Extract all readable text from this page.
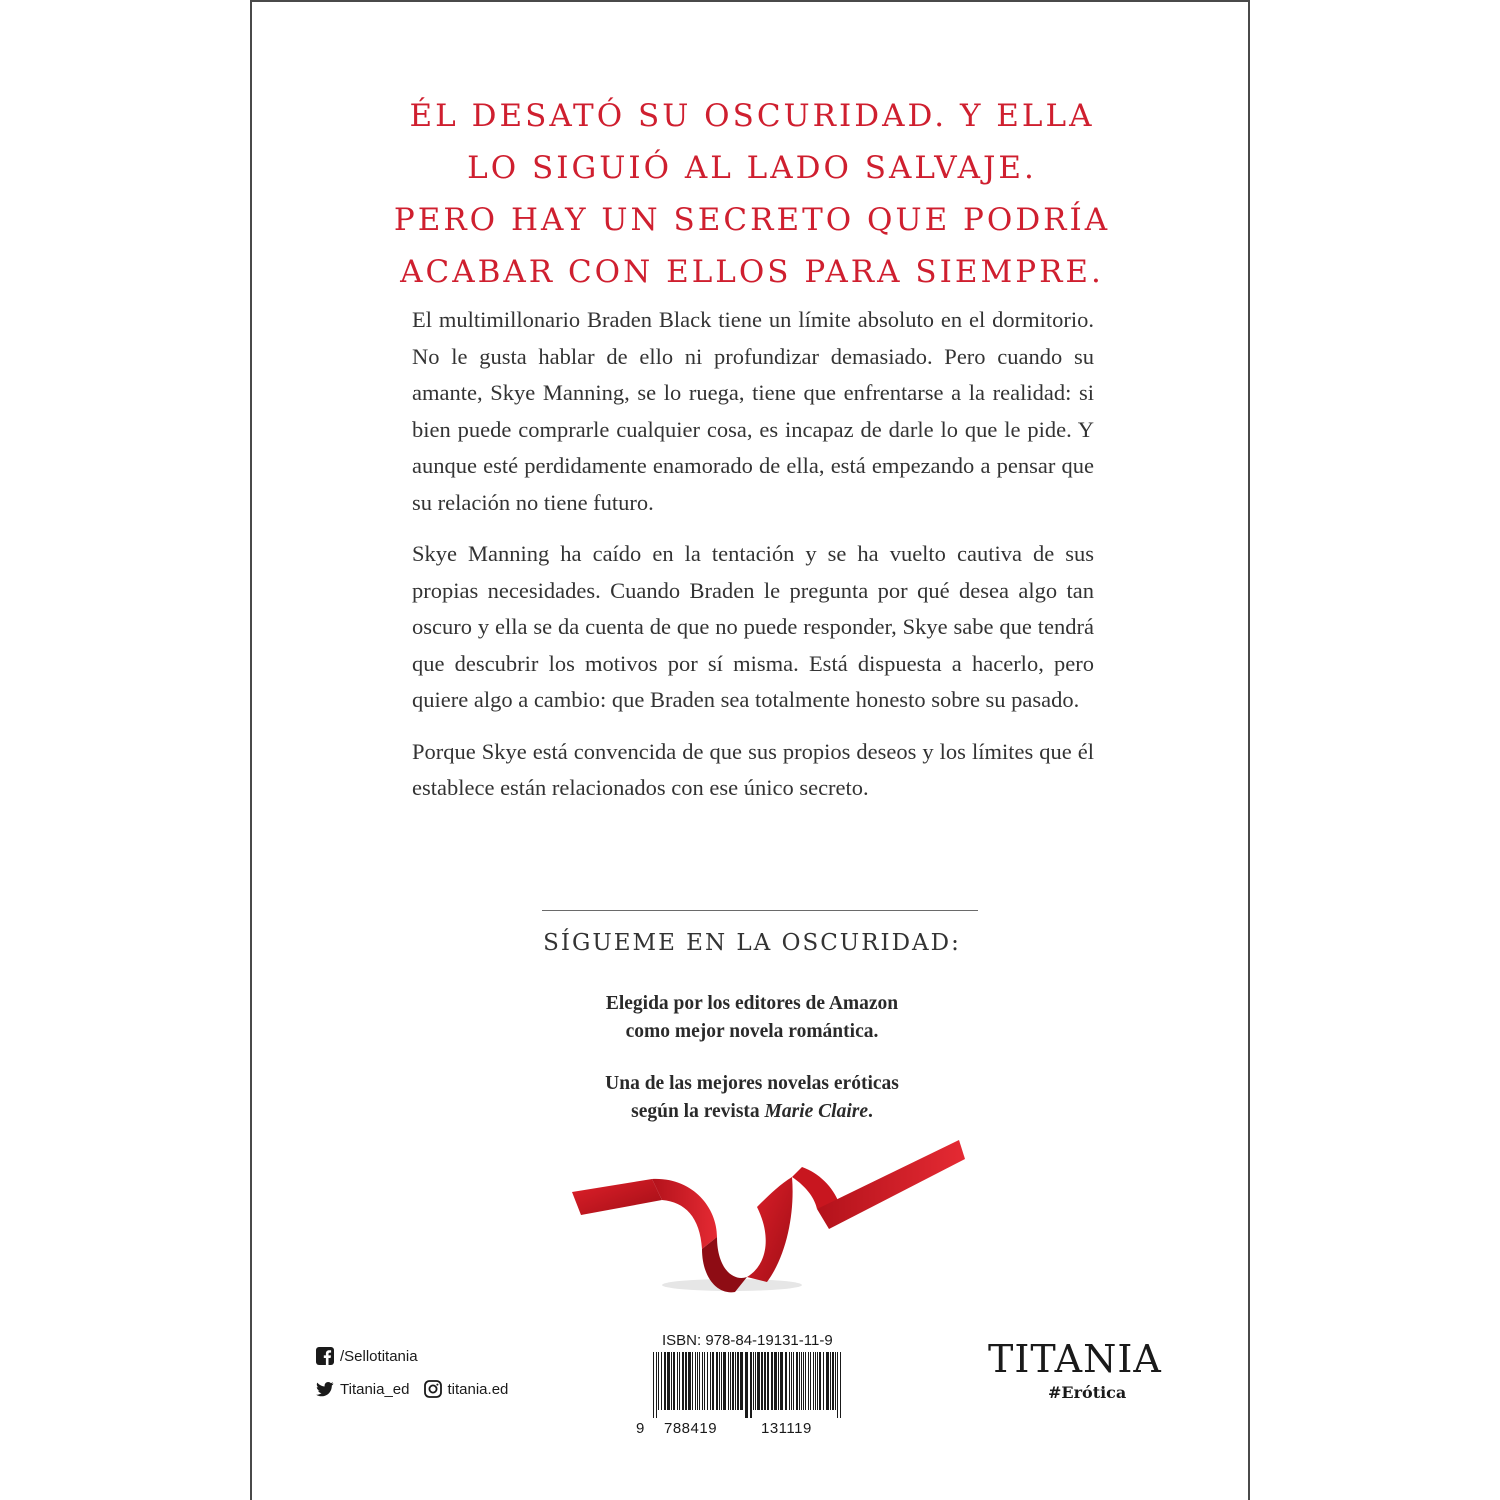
ÉL DESATÓ SU OSCURIDAD. Y ELLA
LO SIGUIÓ AL LADO SALVAJE.
PERO HAY UN SECRETO QUE PODRÍA
ACABAR CON ELLOS PARA SIEMPRE.

El multimillonario Braden Black tiene un límite absoluto en el dormitorio. No le gusta hablar de ello ni profundizar demasiado. Pero cuando su amante, Skye Manning, se lo ruega, tiene que enfrentarse a la realidad: si bien puede comprarle cualquier cosa, es incapaz de darle lo que le pide. Y aunque esté perdidamente enamorado de ella, está empezando a pensar que su relación no tiene futuro.

Skye Manning ha caído en la tentación y se ha vuelto cautiva de sus propias necesidades. Cuando Braden le pregunta por qué desea algo tan oscuro y ella se da cuenta de que no puede responder, Skye sabe que tendrá que descubrir los motivos por sí misma. Está dispuesta a hacerlo, pero quiere algo a cambio: que Braden sea totalmente honesto sobre su pasado.

Porque Skye está convencida de que sus propios deseos y los límites que él establece están relacionados con ese único secreto.

SÍGUEME EN LA OSCURIDAD:

Elegida por los editores de Amazon
como mejor novela romántica.

Una de las mejores novelas eróticas
según la revista Marie Claire.

ISBN: 978-84-19131-11-9
9 788419	131119
/Sellotitania
Titania_ed	titania.ed

TITANIA

#Erótica
